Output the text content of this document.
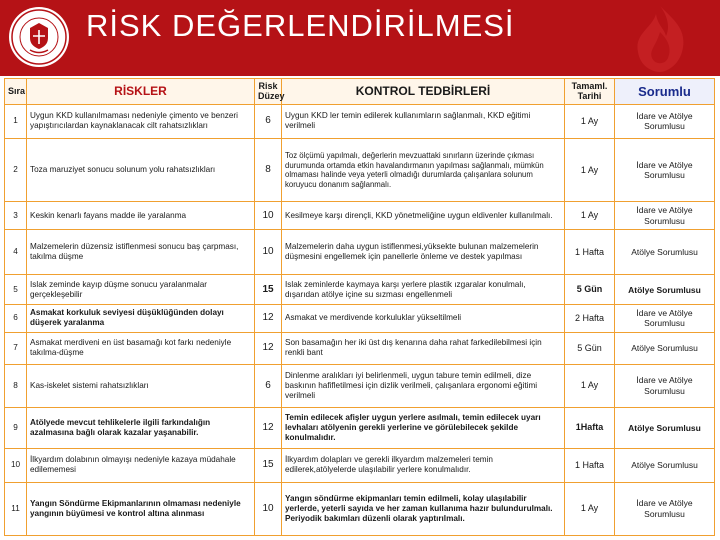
RİSK DEĞERLENDİRİLMESİ
Sıra	RİSKLER	Risk Düzey	KONTROL TEDBİRLERİ	Tamaml. Tarihi	Sorumlu
1	Uygun KKD kullanılmaması nedeniyle çimento ve benzeri yapıştırıcılardan kaynaklanacak cilt rahatsızlıkları	6	Uygun KKD ler temin edilerek kullanımların sağlanmalı, KKD eğitimi verilmeli	1 Ay	İdare ve Atölye Sorumlusu
2	Toza maruziyet sonucu solunum yolu rahatsızlıkları	8	Toz ölçümü yapılmalı, değerlerin mevzuattaki sınırların üzerinde çıkması durumunda ortamda etkin havalandırmanın yapılması sağlanmalı, mümkün olmaması halinde veya yeterli olmadığı durumlarda çalışanlara solunum koruyucu donanım sağlanmalı.	1 Ay	İdare ve Atölye Sorumlusu
3	Keskin kenarlı fayans madde ile yaralanma	10	Kesilmeye karşı dirençli, KKD yönetmeliğine uygun eldivenler kullanılmalı.	1 Ay	İdare ve Atölye Sorumlusu
4	Malzemelerin düzensiz istiflenmesi sonucu baş çarpması, takılma düşme	10	Malzemelerin daha uygun istiflenmesi,yüksekte bulunan malzemelerin düşmesini engellemek için panellerle önleme ve destek yapılması	1 Hafta	Atölye Sorumlusu
5	Islak zeminde kayıp düşme sonucu yaralanmalar gerçekleşebilir	15	Islak zeminlerde kaymaya karşı yerlere plastik ızgaralar konulmalı, dışarıdan atölye içine su sızması engellenmeli	5 Gün	Atölye Sorumlusu
6	Asmakat korkuluk seviyesi düşüklüğünden dolayı düşerek yaralanma	12	Asmakat ve merdivende korkuluklar yükseltilmeli	2 Hafta	İdare ve Atölye Sorumlusu
7	Asmakat merdiveni en üst basamağı kot farkı nedeniyle takılma-düşme	12	Son basamağın her iki üst dış kenarına daha rahat farkedilebilmesi için renkli bant	5 Gün	Atölye Sorumlusu
8	Kas-iskelet sistemi rahatsızlıkları	6	Dinlenme aralıkları iyi belirlenmeli, uygun tabure temin edilmeli, dize baskının hafifletilmesi için dizlik verilmeli, çalışanlara ergonomi eğitimi verilmeli	1 Ay	İdare ve Atölye Sorumlusu
9	Atölyede mevcut tehlikelerle ilgili farkındalığın azalmasına bağlı olarak kazalar yaşanabilir.	12	Temin edilecek afişler uygun yerlere asılmalı, temin edilecek uyarı levhaları atölyenin gerekli yerlerine ve görülebilecek şekilde konulmalıdır.	1Hafta	Atölye Sorumlusu
10	İlkyardım dolabının olmayışı nedeniyle kazaya müdahale edilememesi	15	İlkyardım dolapları ve gerekli ilkyardım malzemeleri temin edilerek,atölyelerde ulaşılabilir yerlere konulmalıdır.	1 Hafta	Atölye Sorumlusu
11	Yangın Söndürme Ekipmanlarının olmaması nedeniyle yangının büyümesi ve kontrol altına alınması	10	Yangın söndürme ekipmanları temin edilmeli, kolay ulaşılabilir yerlerde, yeterli sayıda ve her zaman kullanıma hazır bulundurulmalı. Periyodik bakımları düzenli olarak yaptırılmalı.	1 Ay	İdare ve Atölye Sorumlusu
